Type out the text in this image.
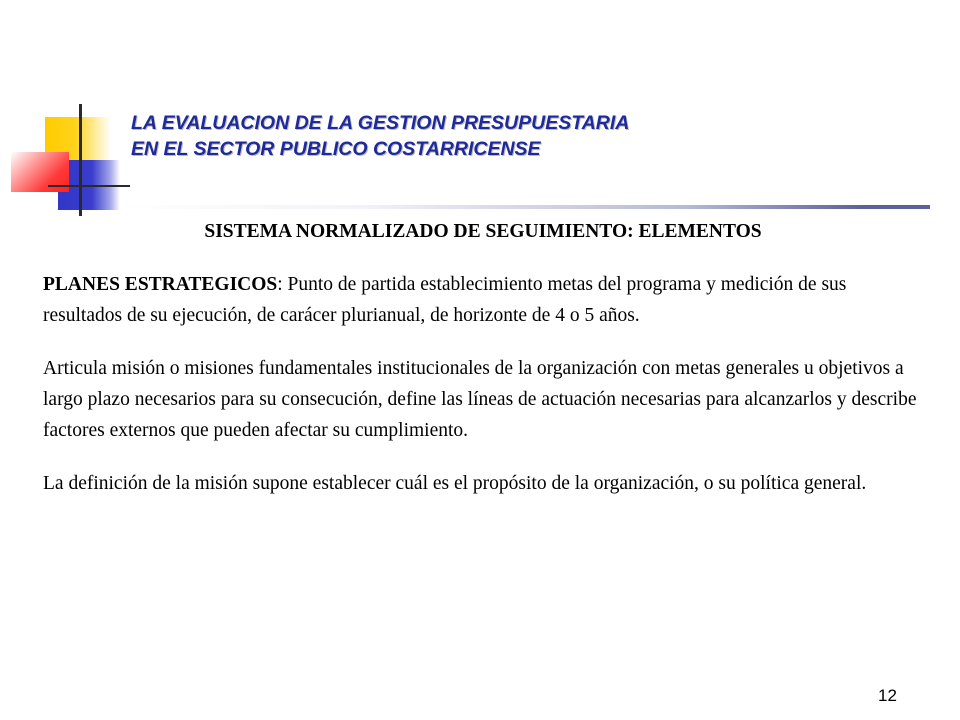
LA EVALUACION DE LA GESTION PRESUPUESTARIA
EN EL SECTOR PUBLICO COSTARRICENSE

SISTEMA NORMALIZADO DE SEGUIMIENTO: ELEMENTOS

PLANES ESTRATEGICOS: Punto de partida establecimiento metas del programa y medición de sus resultados de su ejecución, de carácer plurianual, de horizonte de 4 o 5 años.

Articula misión o misiones fundamentales institucionales de la organización con metas generales u objetivos a largo plazo necesarios para su consecución, define las líneas de actuación necesarias para alcanzarlos y describe factores externos que pueden afectar su cumplimiento.

La definición de la misión supone establecer cuál es el propósito de la organización, o su política general.

12
